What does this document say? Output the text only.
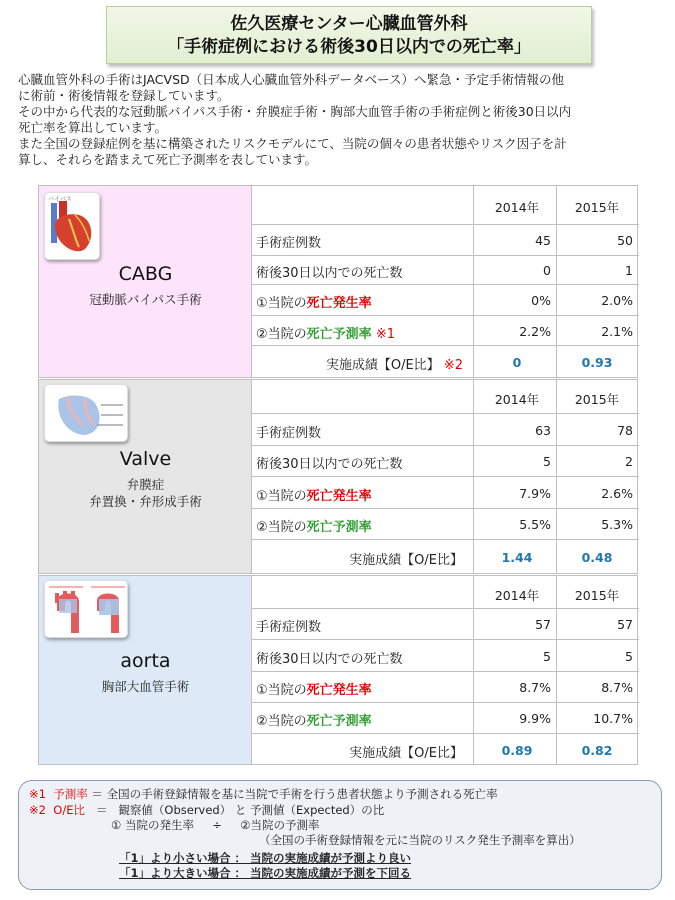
佐久医療センター心臓血管外科
「手術症例における術後30日以内での死亡率」
心臓血管外科の手術はJACVSD（日本成人心臓血管外科データベース）へ緊急・予定手術情報の他
に術前・術後情報を登録しています。
その中から代表的な冠動脈バイパス手術・弁膜症手術・胸部大血管手術の手術症例と術後30日以内
死亡率を算出しています。
また全国の登録症例を基に構築されたリスクモデルにて、当院の個々の患者状態やリスク因子を計
算し、それらを踏まえて死亡予測率を表しています。
バイパス
CABG
冠動脈バイパス手術
2014年	2015年
手術症例数	45	50
術後30日以内での死亡数	0	1
①当院の死亡発生率	0%	2.0%
②当院の死亡予測率 ※1	2.2%	2.1%
実施成績【O/E比】 ※2	0	0.93
Valve
弁膜症
弁置換・弁形成手術
2014年	2015年
手術症例数	63	78
術後30日以内での死亡数	5	2
①当院の死亡発生率	7.9%	2.6%
②当院の死亡予測率	5.5%	5.3%
実施成績【O/E比】	1.44	0.48
aorta
胸部大血管手術
2014年	2015年
手術症例数	57	57
術後30日以内での死亡数	5	5
①当院の死亡発生率	8.7%	8.7%
②当院の死亡予測率	9.9%	10.7%
実施成績【O/E比】	0.89	0.82
※1 予測率 ＝ 全国の手術登録情報を基に当院で手術を行う患者状態より予測される死亡率
※2 O/E比 ＝ 観察値（Observed） と 予測値（Expected）の比
① 当院の発生率 ÷ ②当院の予測率
（全国の手術登録情報を元に当院のリスク発生予測率を算出）
「1」より小さい場合 ： 当院の実施成績が予測より良い
「1」より大きい場合 ： 当院の実施成績が予測を下回る
